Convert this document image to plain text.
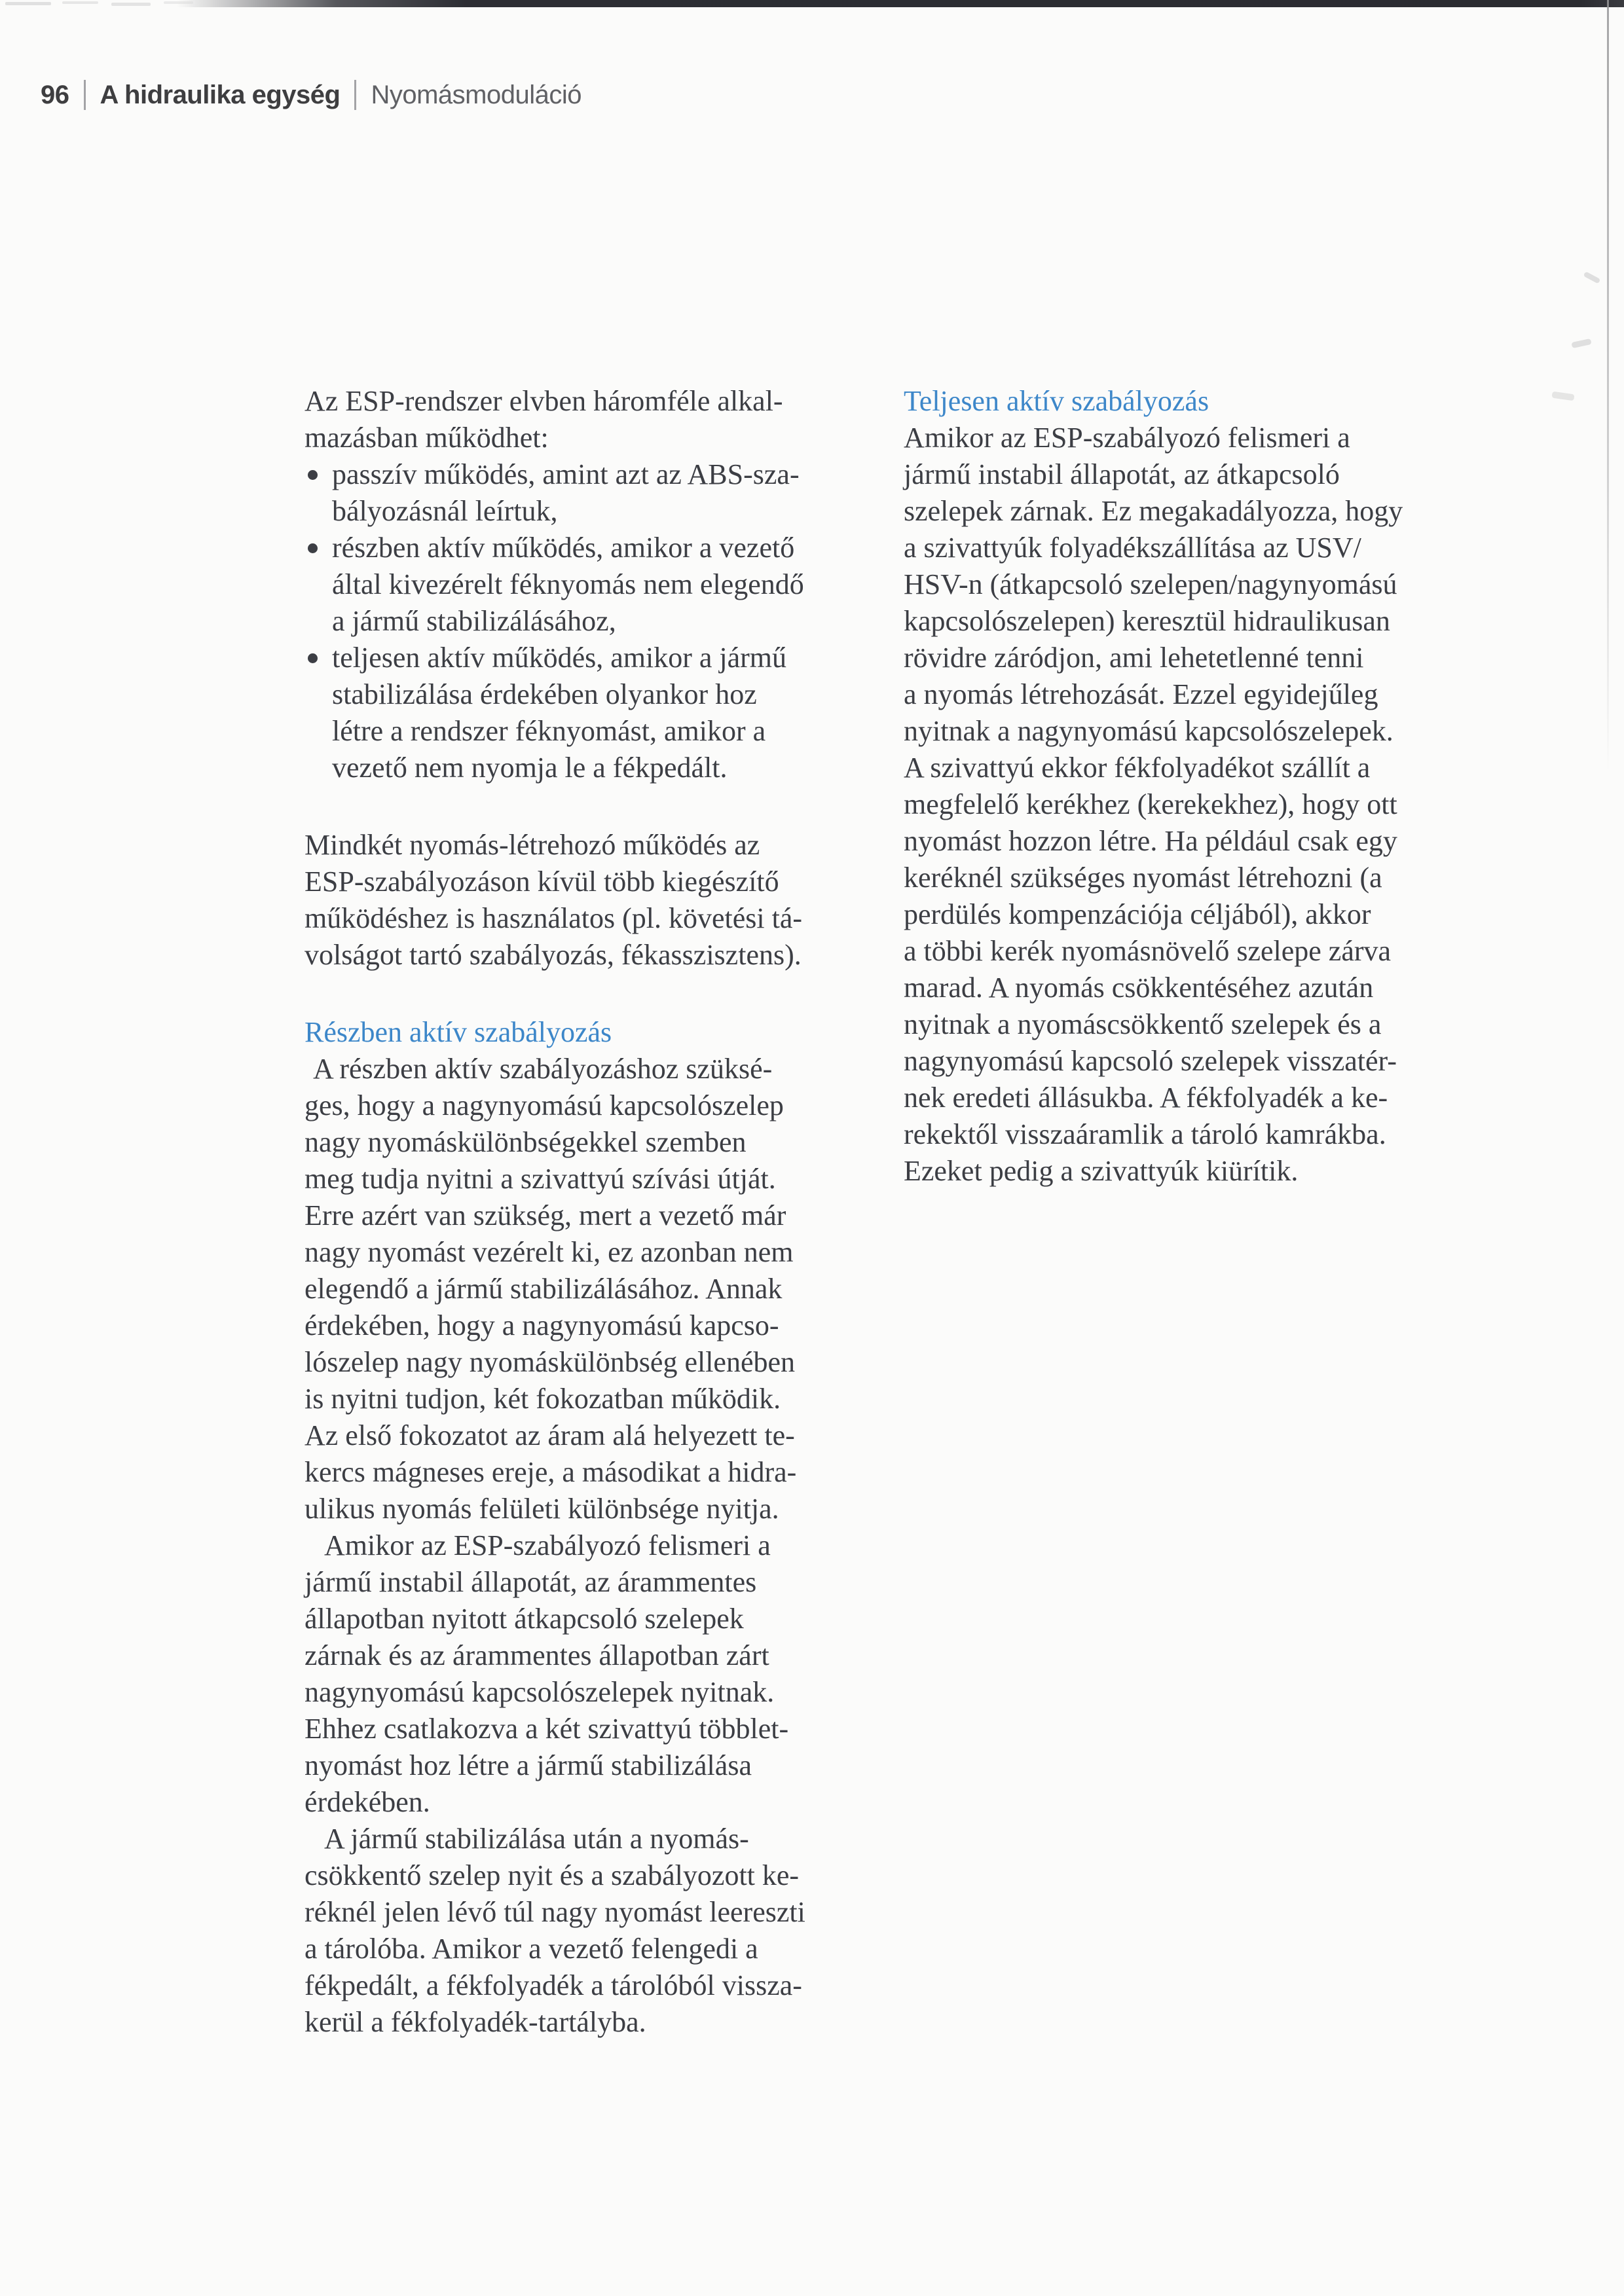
96 A hidraulika egység Nyomásmoduláció
Az ESP-rendszer elvben háromféle alkal-
mazásban működhet:
passzív működés, amint azt az ABS-sza-
bályozásnál leírtuk,
részben aktív működés, amikor a vezető
által kivezérelt féknyomás nem elegendő
a jármű stabilizálásához,
teljesen aktív működés, amikor a jármű
stabilizálása érdekében olyankor hoz
létre a rendszer féknyomást, amikor a
vezető nem nyomja le a fékpedált.
Mindkét nyomás-létrehozó működés az
ESP-szabályozáson kívül több kiegészítő
működéshez is használatos (pl. követési tá-
volságot tartó szabályozás, fékasszisztens).
Részben aktív szabályozás
A részben aktív szabályozáshoz szüksé-
ges, hogy a nagynyomású kapcsolószelep
nagy nyomáskülönbségekkel szemben
meg tudja nyitni a szivattyú szívási útját.
Erre azért van szükség, mert a vezető már
nagy nyomást vezérelt ki, ez azonban nem
elegendő a jármű stabilizálásához. Annak
érdekében, hogy a nagynyomású kapcso-
lószelep nagy nyomáskülönbség ellenében
is nyitni tudjon, két fokozatban működik.
Az első fokozatot az áram alá helyezett te-
kercs mágneses ereje, a másodikat a hidra-
ulikus nyomás felületi különbsége nyitja.
Amikor az ESP-szabályozó felismeri a
jármű instabil állapotát, az árammentes
állapotban nyitott átkapcsoló szelepek
zárnak és az árammentes állapotban zárt
nagynyomású kapcsolószelepek nyitnak.
Ehhez csatlakozva a két szivattyú többlet-
nyomást hoz létre a jármű stabilizálása
érdekében.
A jármű stabilizálása után a nyomás-
csökkentő szelep nyit és a szabályozott ke-
réknél jelen lévő túl nagy nyomást leereszti
a tárolóba. Amikor a vezető felengedi a
fékpedált, a fékfolyadék a tárolóból vissza-
kerül a fékfolyadék-tartályba.
Teljesen aktív szabályozás
Amikor az ESP-szabályozó felismeri a
jármű instabil állapotát, az átkapcsoló
szelepek zárnak. Ez megakadályozza, hogy
a szivattyúk folyadékszállítása az USV/
HSV-n (átkapcsoló szelepen/nagynyomású
kapcsolószelepen) keresztül hidraulikusan
rövidre záródjon, ami lehetetlenné tenni
a nyomás létrehozását. Ezzel egyidejűleg
nyitnak a nagynyomású kapcsolószelepek.
A szivattyú ekkor fékfolyadékot szállít a
megfelelő kerékhez (kerekekhez), hogy ott
nyomást hozzon létre. Ha például csak egy
keréknél szükséges nyomást létrehozni (a
perdülés kompenzációja céljából), akkor
a többi kerék nyomásnövelő szelepe zárva
marad. A nyomás csökkentéséhez azután
nyitnak a nyomáscsökkentő szelepek és a
nagynyomású kapcsoló szelepek visszatér-
nek eredeti állásukba. A fékfolyadék a ke-
rekektől visszaáramlik a tároló kamrákba.
Ezeket pedig a szivattyúk kiürítik.
